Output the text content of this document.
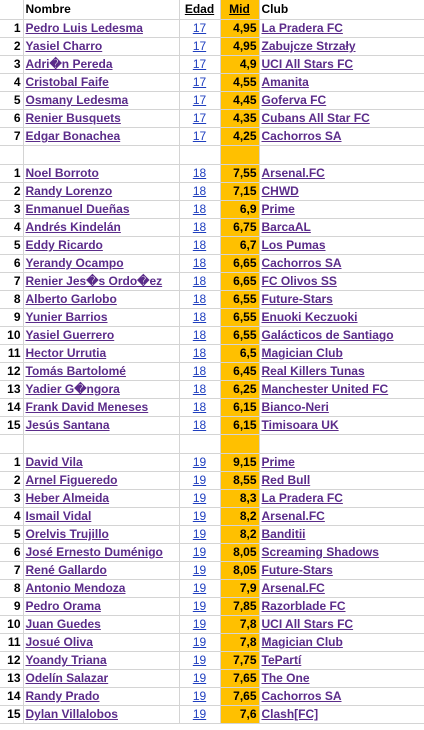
	Nombre	Edad	Mid	Club
1	Pedro Luis Ledesma	17	4,95	La Pradera FC
2	Yasiel Charro	17	4,95	Zabujcze Strzały
3	Adri�n Pereda	17	4,9	UCI All Stars FC
4	Cristobal Faife	17	4,55	Amanita
5	Osmany Ledesma	17	4,45	Goferva FC
6	Renier Busquets	17	4,35	Cubans All Star FC
7	Edgar Bonachea	17	4,25	Cachorros SA

1	Noel Borroto	18	7,55	Arsenal.FC
2	Randy Lorenzo	18	7,15	CHWD
3	Enmanuel Dueñas	18	6,9	Prime
4	Andrés Kindelán	18	6,75	BarcaAL
5	Eddy Ricardo	18	6,7	Los Pumas
6	Yerandy Ocampo	18	6,65	Cachorros SA
7	Renier Jes�s Ordo�ez	18	6,65	FC Olivos SS
8	Alberto Garlobo	18	6,55	Future-Stars
9	Yunier Barrios	18	6,55	Enuoki Keczuoki
10	Yasiel Guerrero	18	6,55	Galácticos de Santiago
11	Hector Urrutia	18	6,5	Magician Club
12	Tomás Bartolomé	18	6,45	Real Killers Tunas
13	Yadier G�ngora	18	6,25	Manchester United FC
14	Frank David Meneses	18	6,15	Bianco-Neri
15	Jesús Santana	18	6,15	Timisoara UK

1	David Vila	19	9,15	Prime
2	Arnel Figueredo	19	8,55	Red Bull
3	Heber Almeida	19	8,3	La Pradera FC
4	Ismail Vidal	19	8,2	Arsenal.FC
5	Orelvis Trujillo	19	8,2	Banditii
6	José Ernesto Duménigo	19	8,05	Screaming Shadows
7	René Gallardo	19	8,05	Future-Stars
8	Antonio Mendoza	19	7,9	Arsenal.FC
9	Pedro Orama	19	7,85	Razorblade FC
10	Juan Guedes	19	7,8	UCI All Stars FC
11	Josué Oliva	19	7,8	Magician Club
12	Yoandy Triana	19	7,75	TePartí
13	Odelín Salazar	19	7,65	The One
14	Randy Prado	19	7,65	Cachorros SA
15	Dylan Villalobos	19	7,6	Clash[FC]
